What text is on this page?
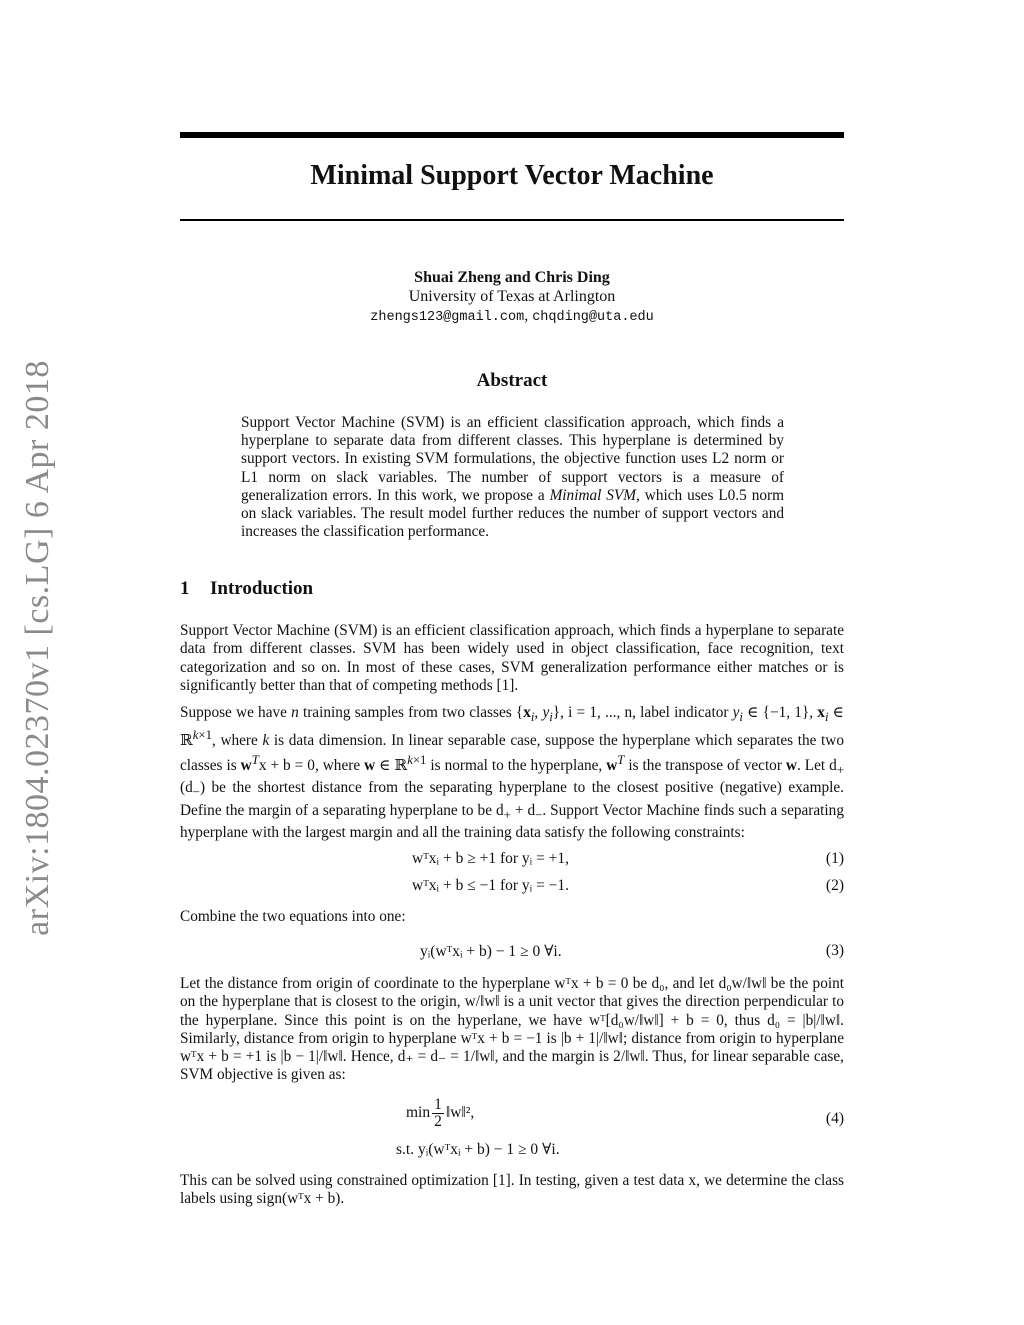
arXiv:1804.02370v1 [cs.LG] 6 Apr 2018
Minimal Support Vector Machine
Shuai Zheng and Chris Ding
University of Texas at Arlington
zhengs123@gmail.com, chqding@uta.edu
Abstract
Support Vector Machine (SVM) is an efficient classification approach, which finds a hyperplane to separate data from different classes. This hyperplane is determined by support vectors. In existing SVM formulations, the objective function uses L2 norm or L1 norm on slack variables. The number of support vectors is a measure of generalization errors. In this work, we propose a Minimal SVM, which uses L0.5 norm on slack variables. The result model further reduces the number of support vectors and increases the classification performance.
1 Introduction
Support Vector Machine (SVM) is an efficient classification approach, which finds a hyperplane to separate data from different classes. SVM has been widely used in object classification, face recognition, text categorization and so on. In most of these cases, SVM generalization performance either matches or is significantly better than that of competing methods [1].
Suppose we have n training samples from two classes {$x_i$, $y_i$}, i = 1, ..., n, label indicator $y_i$ ∈ {−1, 1}, $x_i$ ∈ ℝ$^{k\times 1}$, where k is data dimension. In linear separable case, suppose the hyperplane which separates the two classes is $w^Tx + b = 0$, where w ∈ ℝ$^{k\times 1}$ is normal to the hyperplane, $w^T$ is the transpose of vector w. Let $d_+$ $(d_-)$ be the shortest distance from the separating hyperplane to the closest positive (negative) example. Define the margin of a separating hyperplane to be $d_+ + d_-$. Support Vector Machine finds such a separating hyperplane with the largest margin and all the training data satisfy the following constraints:
wᵀxᵢ + b ≥ +1 for yᵢ = +1,	(1)
wᵀxᵢ + b ≤ −1 for yᵢ = −1.	(2)
Combine the two equations into one:
yᵢ(wᵀxᵢ + b) − 1 ≥ 0 ∀i.	(3)
Let the distance from origin of coordinate to the hyperplane wᵀx + b = 0 be d₀, and let d₀w/‖w‖ be the point on the hyperplane that is closest to the origin, w/‖w‖ is a unit vector that gives the direction perpendicular to the hyperplane. Since this point is on the hyperlane, we have wᵀ[d₀w/‖w‖] + b = 0, thus d₀ = |b|/‖w‖. Similarly, distance from origin to hyperplane wᵀx + b = −1 is |b + 1|/‖w‖; distance from origin to hyperplane wᵀx + b = +1 is |b − 1|/‖w‖. Hence, d₊ = d₋ = 1/‖w‖, and the margin is 2/‖w‖. Thus, for linear separable case, SVM objective is given as:
$\min \frac{1}{2}$ ‖w‖²,	(4)
s.t. yᵢ(wᵀxᵢ + b) − 1 ≥ 0 ∀i.
This can be solved using constrained optimization [1]. In testing, given a test data x, we determine the class labels using sign(wᵀx + b).
